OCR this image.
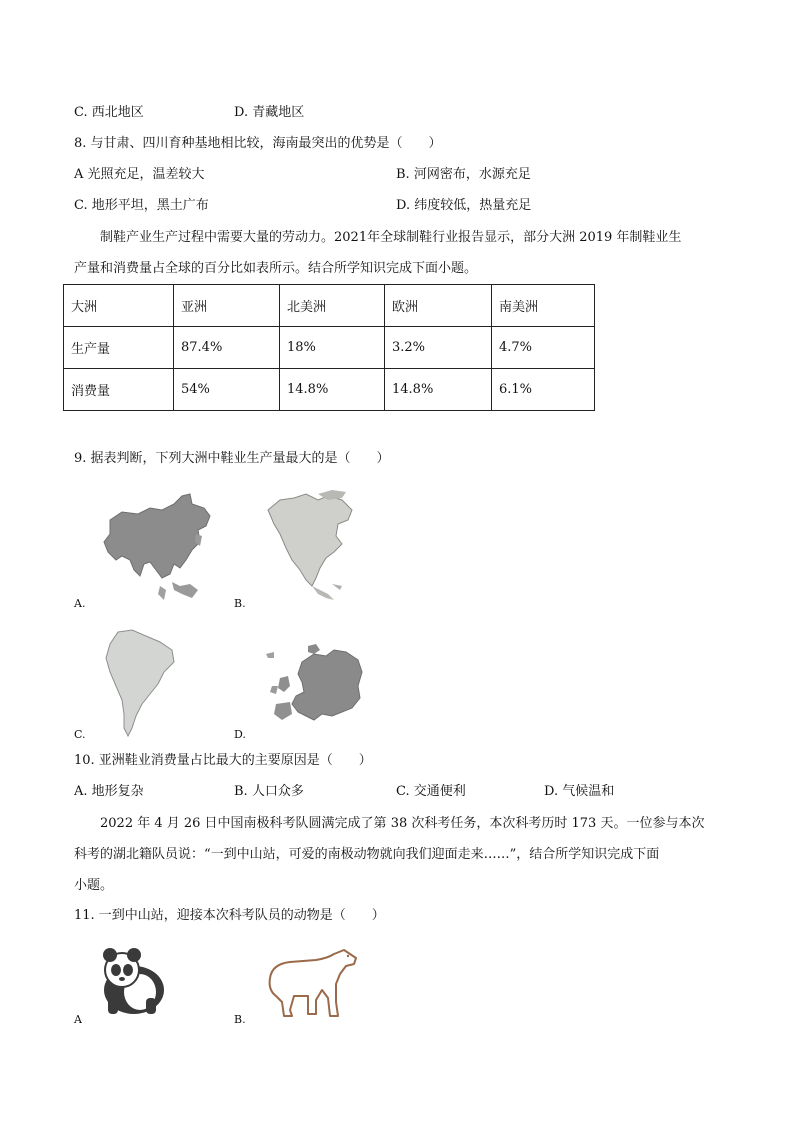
C. 西北地区	D. 青藏地区
8. 与甘肃、四川育种基地相比较，海南最突出的优势是（　　）
A 光照充足，温差较大	B. 河网密布，水源充足
C. 地形平坦，黑土广布	D. 纬度较低，热量充足
制鞋产业生产过程中需要大量的劳动力。2021年全球制鞋行业报告显示，部分大洲 2019 年制鞋业生
产量和消费量占全球的百分比如表所示。结合所学知识完成下面小题。
大洲	亚洲	北美洲	欧洲	南美洲
生产量	87.4%	18%	3.2%	4.7%
消费量	54%	14.8%	14.8%	6.1%
9. 据表判断，下列大洲中鞋业生产量最大的是（　　）
A.	B.
C.	D.
10. 亚洲鞋业消费量占比最大的主要原因是（　　）
A. 地形复杂	B. 人口众多	C. 交通便利	D. 气候温和
2022 年 4 月 26 日中国南极科考队圆满完成了第 38 次科考任务，本次科考历时 173 天。一位参与本次
科考的湖北籍队员说：“一到中山站，可爱的南极动物就向我们迎面走来……”，结合所学知识完成下面
小题。
11. 一到中山站，迎接本次科考队员的动物是（　　）
A	B.
